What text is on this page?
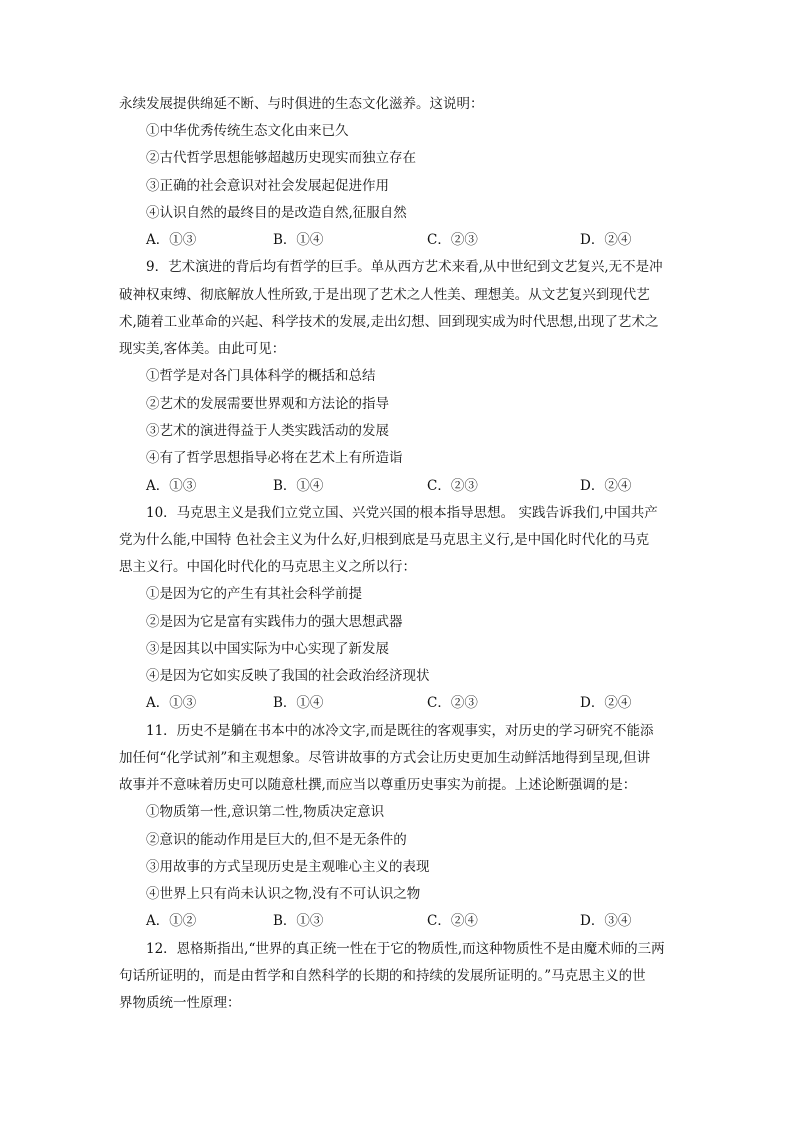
永续发展提供绵延不断、与时俱进的生态文化滋养。这说明：
①中华优秀传统生态文化由来已久
②古代哲学思想能够超越历史现实而独立存在
③正确的社会意识对社会发展起促进作用
④认识自然的最终目的是改造自然,征服自然
A．①③	B．①④	C．②③	D．②④
9．艺术演进的背后均有哲学的巨手。单从西方艺术来看,从中世纪到文艺复兴,无不是冲
破神权束缚、彻底解放人性所致,于是出现了艺术之人性美、理想美。从文艺复兴到现代艺
术,随着工业革命的兴起、科学技术的发展,走出幻想、回到现实成为时代思想,出现了艺术之
现实美,客体美。由此可见：
①哲学是对各门具体科学的概括和总结
②艺术的发展需要世界观和方法论的指导
③艺术的演进得益于人类实践活动的发展
④有了哲学思想指导必将在艺术上有所造诣
A．①③	B．①④	C．②③	D．②④
10．马克思主义是我们立党立国、兴党兴国的根本指导思想。 实践告诉我们,中国共产
党为什么能,中国特 色社会主义为什么好,归根到底是马克思主义行,是中国化时代化的马克
思主义行。中国化时代化的马克思主义之所以行：
①是因为它的产生有其社会科学前提
②是因为它是富有实践伟力的强大思想武器
③是因其以中国实际为中心实现了新发展
④是因为它如实反映了我国的社会政治经济现状
A．①③	B．①④	C．②③	D．②④
11．历史不是躺在书本中的冰冷文字,而是既往的客观事实，对历史的学习研究不能添
加任何“化学试剂”和主观想象。尽管讲故事的方式会让历史更加生动鲜活地得到呈现,但讲
故事并不意味着历史可以随意杜撰,而应当以尊重历史事实为前提。上述论断强调的是：
①物质第一性,意识第二性,物质决定意识
②意识的能动作用是巨大的,但不是无条件的
③用故事的方式呈现历史是主观唯心主义的表现
④世界上只有尚未认识之物,没有不可认识之物
A．①②	B．①③	C．②④	D．③④
12．恩格斯指出,“世界的真正统一性在于它的物质性,而这种物质性不是由魔术师的三两
句话所证明的，而是由哲学和自然科学的长期的和持续的发展所证明的。”马克思主义的世
界物质统一性原理：
